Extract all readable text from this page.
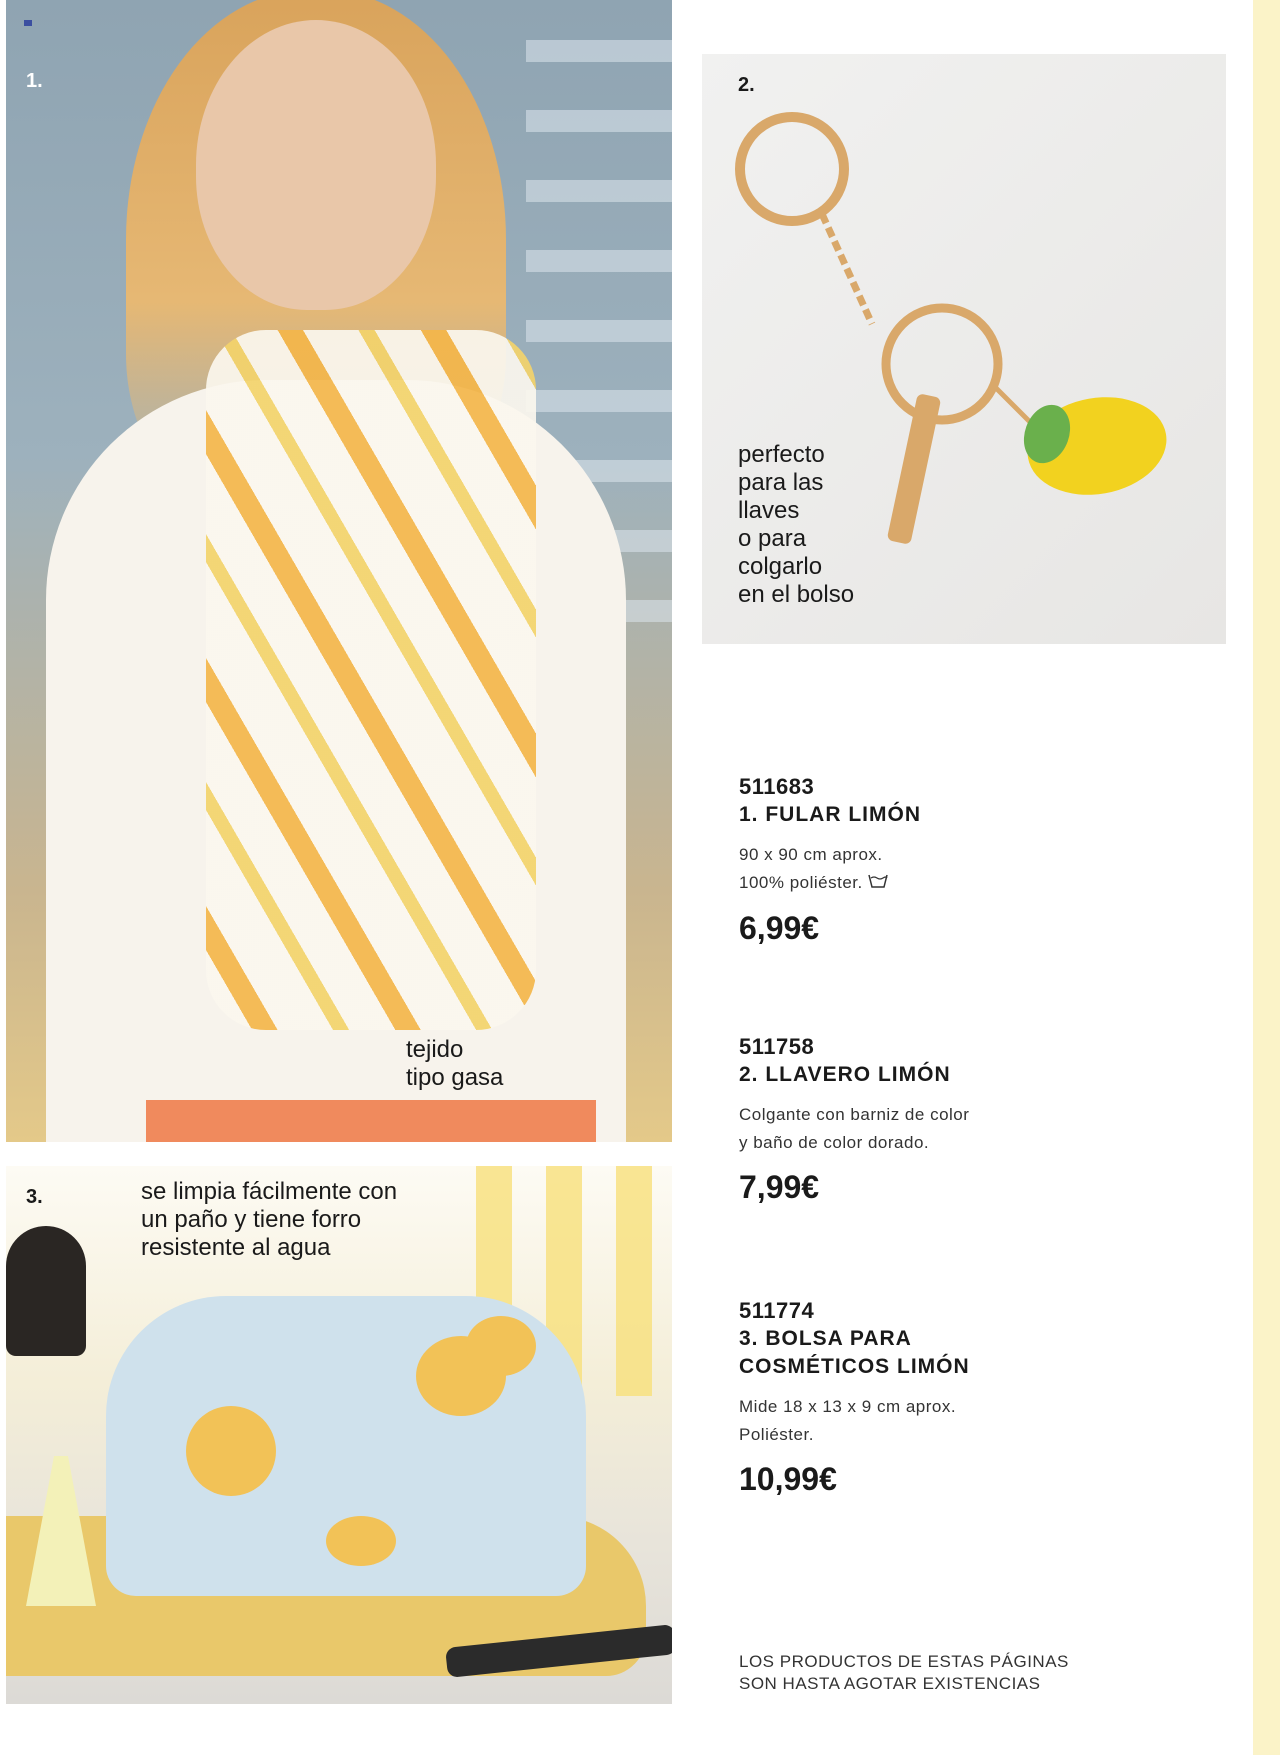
1.
tejido
tipo gasa
2.
perfecto
para las
llaves
o para
colgarlo
en el bolso
3.	se limpia fácilmente con
un paño y tiene forro
resistente al agua
511683
1. FULAR LIMÓN
90 x 90 cm aprox.
100% poliéster.
6,99€
511758
2. LLAVERO LIMÓN
Colgante con barniz de color
y baño de color dorado.
7,99€
511774
3. BOLSA PARA
COSMÉTICOS LIMÓN
Mide 18 x 13 x 9 cm aprox.
Poliéster.
10,99€
LOS PRODUCTOS DE ESTAS PÁGINAS
SON HASTA AGOTAR EXISTENCIAS
